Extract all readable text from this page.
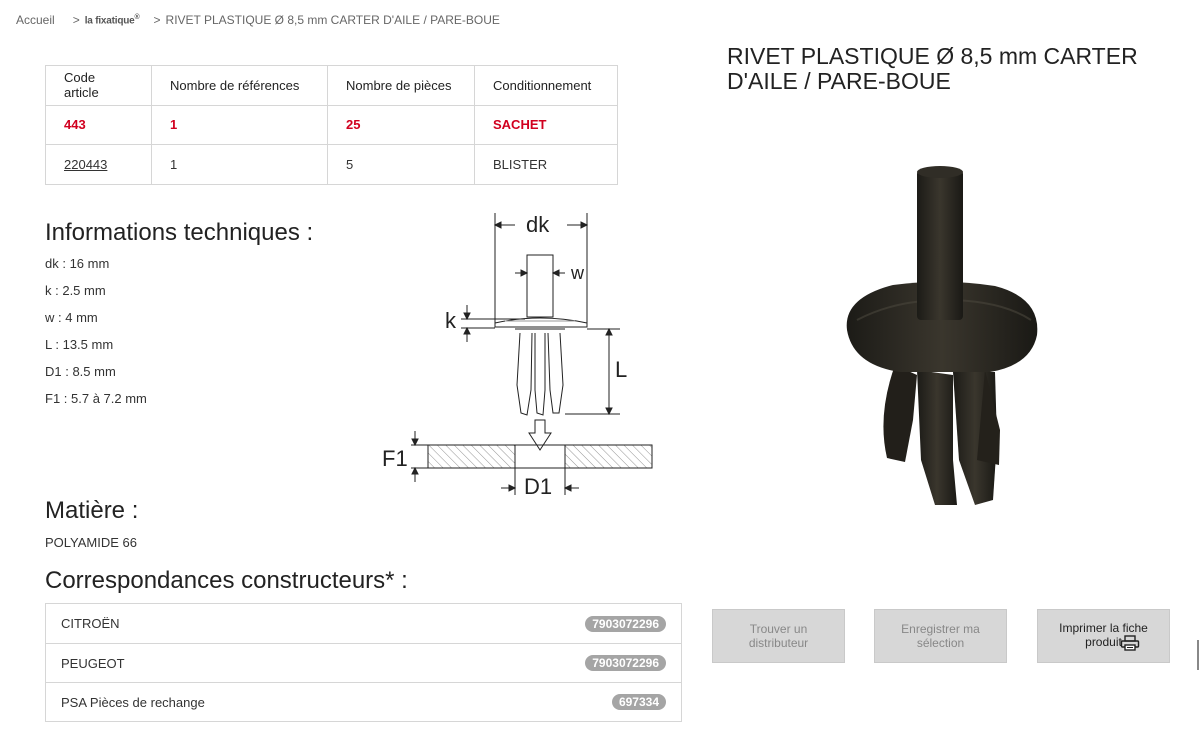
Accueil > la fixatique® > RIVET PLASTIQUE Ø 8,5 mm CARTER D'AILE / PARE-BOUE
Code article	Nombre de références	Nombre de pièces	Conditionnement
443	1	25	SACHET
220443	1	5	BLISTER
Informations techniques :
dk : 16 mm
k : 2.5 mm
w : 4 mm
L : 13.5 mm
D1 : 8.5 mm
F1 : 5.7 à 7.2 mm
dk
w
k
L
F1
D1
Matière :
POLYAMIDE 66
Correspondances constructeurs* :
CITROËN	7903072296
PEUGEOT	7903072296
PSA Pièces de rechange	697334
RIVET PLASTIQUE Ø 8,5 mm CARTER D'AILE / PARE-BOUE
Trouver un distributeur
Enregistrer ma sélection
Imprimer la fiche produit
